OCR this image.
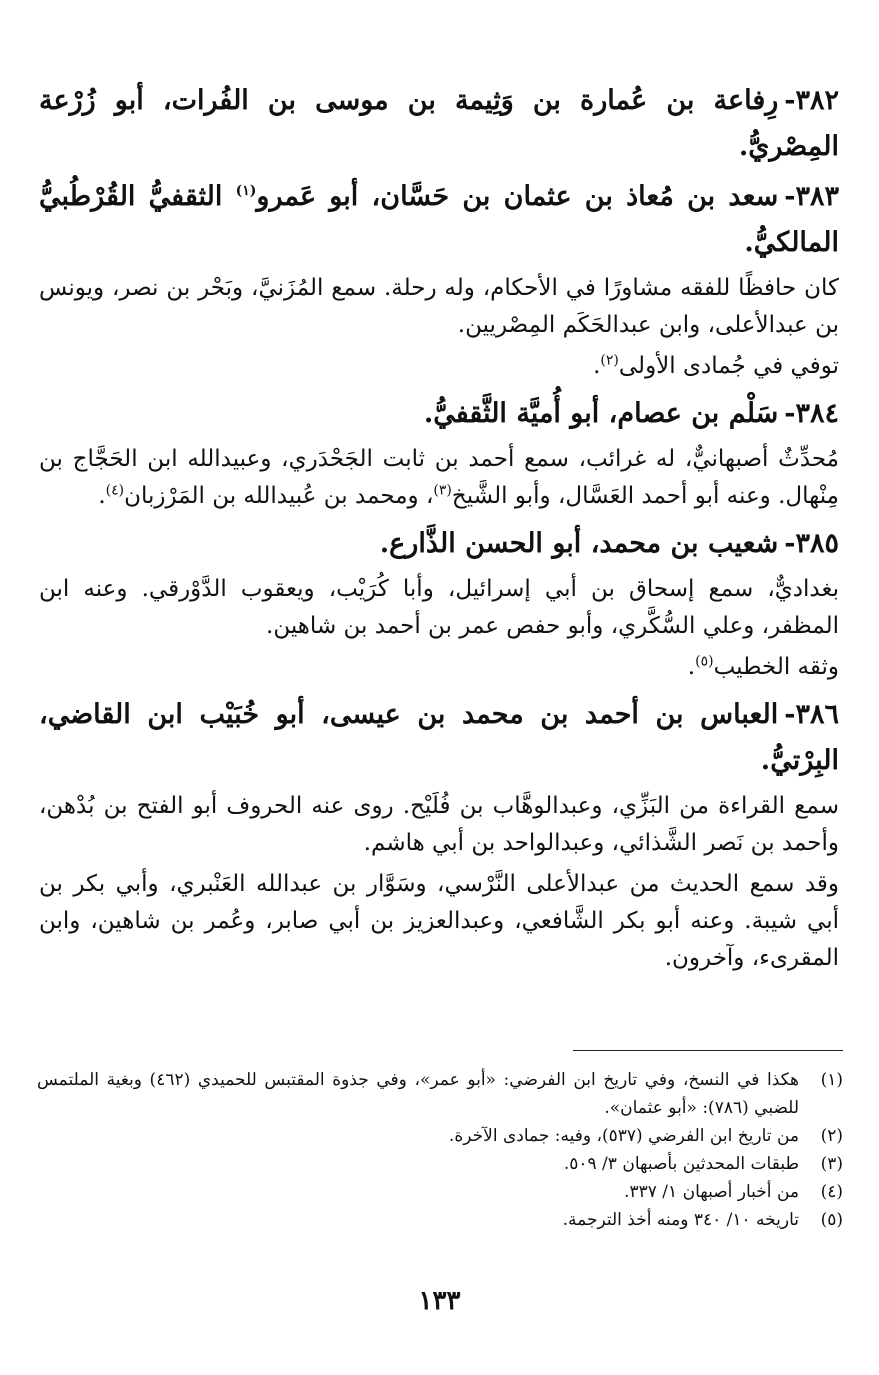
٣٨٢-رِفاعة بن عُمارة بن وَثِيمة بن موسى بن الفُرات، أبو زُرْعة المِصْريُّ.

٣٨٣-سعد بن مُعاذ بن عثمان بن حَسَّان، أبو عَمرو$^{(١)}$ الثقفيُّ القُرْطُبيُّ المالكيُّ.

كان حافظًا للفقه مشاورًا في الأحكام، وله رحلة. سمع المُزَنيَّ، وبَحْر بن نصر، ويونس بن عبدالأعلى، وابن عبدالحَكَم المِصْريين.

توفي في جُمادى الأولى$^{(٢)}$.

٣٨٤-سَلْم بن عصام، أبو أُميَّة الثَّقفيُّ.

مُحدِّثٌ أصبهانيٌّ، له غرائب، سمع أحمد بن ثابت الجَحْدَري، وعبيدالله ابن الحَجَّاج بن مِنْهال. وعنه أبو أحمد العَسَّال، وأبو الشَّيخ$^{(٣)}$، ومحمد بن عُبيدالله بن المَرْزبان$^{(٤)}$.

٣٨٥-شعيب بن محمد، أبو الحسن الذَّارع.

بغداديٌّ، سمع إسحاق بن أبي إسرائيل، وأبا كُرَيْب، ويعقوب الدَّوْرقي. وعنه ابن المظفر، وعلي السُّكَّري، وأبو حفص عمر بن أحمد بن شاهين.

وثقه الخطيب$^{(٥)}$.

٣٨٦-العباس بن أحمد بن محمد بن عيسى، أبو خُبَيْب ابن القاضي، البِرْتيُّ.

سمع القراءة من البَزِّي، وعبدالوهَّاب بن فُلَيْح. روى عنه الحروف أبو الفتح بن بُدْهن، وأحمد بن نَصر الشَّذائي، وعبدالواحد بن أبي هاشم.

وقد سمع الحديث من عبدالأعلى النَّرْسي، وسَوَّار بن عبدالله العَنْبري، وأبي بكر بن أبي شيبة. وعنه أبو بكر الشَّافعي، وعبدالعزيز بن أبي صابر، وعُمر بن شاهين، وابن المقرىء، وآخرون.

(١)
هكذا في النسخ، وفي تاريخ ابن الفرضي: «أبو عمر»، وفي جذوة المقتبس للحميدي (٤٦٢) وبغية الملتمس للضبي (٧٨٦): «أبو عثمان».
(٢)
من تاريخ ابن الفرضي (٥٣٧)، وفيه: جمادى الآخرة.
(٣)
طبقات المحدثين بأصبهان ٣/ ٥٠٩.
(٤)
من أخبار أصبهان ١/ ٣٣٧.
(٥)
تاريخه ١٠/ ٣٤٠ ومنه أخذ الترجمة.
١٣٣
